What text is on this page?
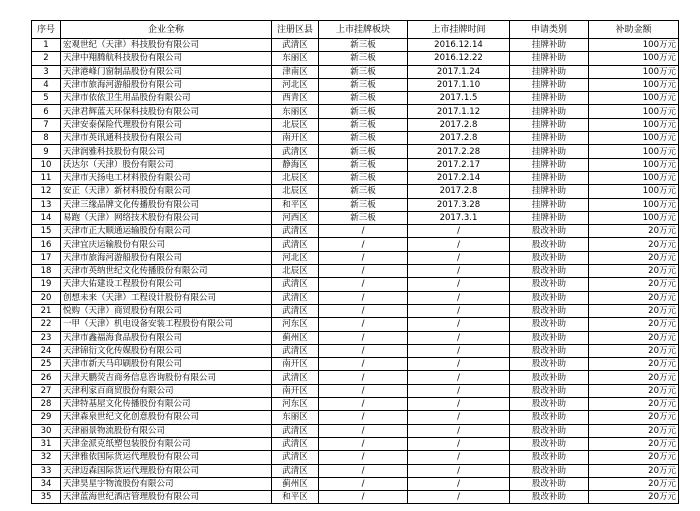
序号	企业全称	注册区县	上市挂牌板块	上市挂牌时间	申请类别	补助金额
1	宏观世纪（天津）科技股份有限公司	武清区	新三板	2016.12.14	挂牌补助	100万元
2	天津中翔腾航科技股份有限公司	东丽区	新三板	2016.12.22	挂牌补助	100万元
3	天津港峰门窗制品股份有限公司	津南区	新三板	2017.1.24	挂牌补助	100万元
4	天津市旅海河游船股份有限公司	河北区	新三板	2017.1.10	挂牌补助	100万元
5	天津市依依卫生用品股份有限公司	西青区	新三板	2017.1.5	挂牌补助	100万元
6	天津君辉蓝天环保科技股份有限公司	东丽区	新三板	2017.1.12	挂牌补助	100万元
7	天津安泰保险代理股份有限公司	北辰区	新三板	2017.2.8	挂牌补助	100万元
8	天津市英讯通科技股份有限公司	南开区	新三板	2017.2.8	挂牌补助	100万元
9	天津润雅科技股份有限公司	武清区	新三板	2017.2.28	挂牌补助	100万元
10	沃达尔（天津）股份有限公司	静海区	新三板	2017.2.17	挂牌补助	100万元
11	天津市天扬电工材料股份有限公司	北辰区	新三板	2017.2.14	挂牌补助	100万元
12	安正（天津）新材料股份有限公司	北辰区	新三板	2017.2.8	挂牌补助	100万元
13	天津三缘品牌文化传播股份有限公司	和平区	新三板	2017.3.28	挂牌补助	100万元
14	易跑（天津）网络技术股份有限公司	河西区	新三板	2017.3.1	挂牌补助	100万元
15	天津市正大顺通运输股份有限公司	武清区	/	/	股改补助	20万元
16	天津宜庆运输股份有限公司	武清区	/	/	股改补助	20万元
17	天津市旅海河游船股份有限公司	河北区	/	/	股改补助	20万元
18	天津市英纳世纪文化传播股份有限公司	北辰区	/	/	股改补助	20万元
19	天津大佑建设工程股份有限公司	武清区	/	/	股改补助	20万元
20	创想未来（天津）工程设计股份有限公司	武清区	/	/	股改补助	20万元
21	悦购（天津）商贸股份有限公司	武清区	/	/	股改补助	20万元
22	一甲（天津）机电设备安装工程股份有限公司	河东区	/	/	股改补助	20万元
23	天津市鑫福海食品股份有限公司	蓟州区	/	/	股改补助	20万元
24	天津锦衍文化传媒股份有限公司	武清区	/	/	股改补助	20万元
25	天津市新天马印刷股份有限公司	南开区	/	/	股改补助	20万元
26	天津天鹏荧吉商务信息咨询股份有限公司	武清区	/	/	股改补助	20万元
27	天津利家百商贸股份有限公司	南开区	/	/	股改补助	20万元
28	天津特基屋文化传播股份有限公司	河东区	/	/	股改补助	20万元
29	天津森泉世纪文化创意股份有限公司	东丽区	/	/	股改补助	20万元
30	天津丽景物流股份有限公司	武清区	/	/	股改补助	20万元
31	天津金派克纸塑包装股份有限公司	武清区	/	/	股改补助	20万元
32	天津雅依国际货运代理股份有限公司	武清区	/	/	股改补助	20万元
33	天津迈森国际货运代理股份有限公司	武清区	/	/	股改补助	20万元
34	天津昊星宇物流股份有限公司	蓟州区	/	/	股改补助	20万元
35	天津蓝海世纪酒店管理股份有限公司	和平区	/	/	股改补助	20万元
